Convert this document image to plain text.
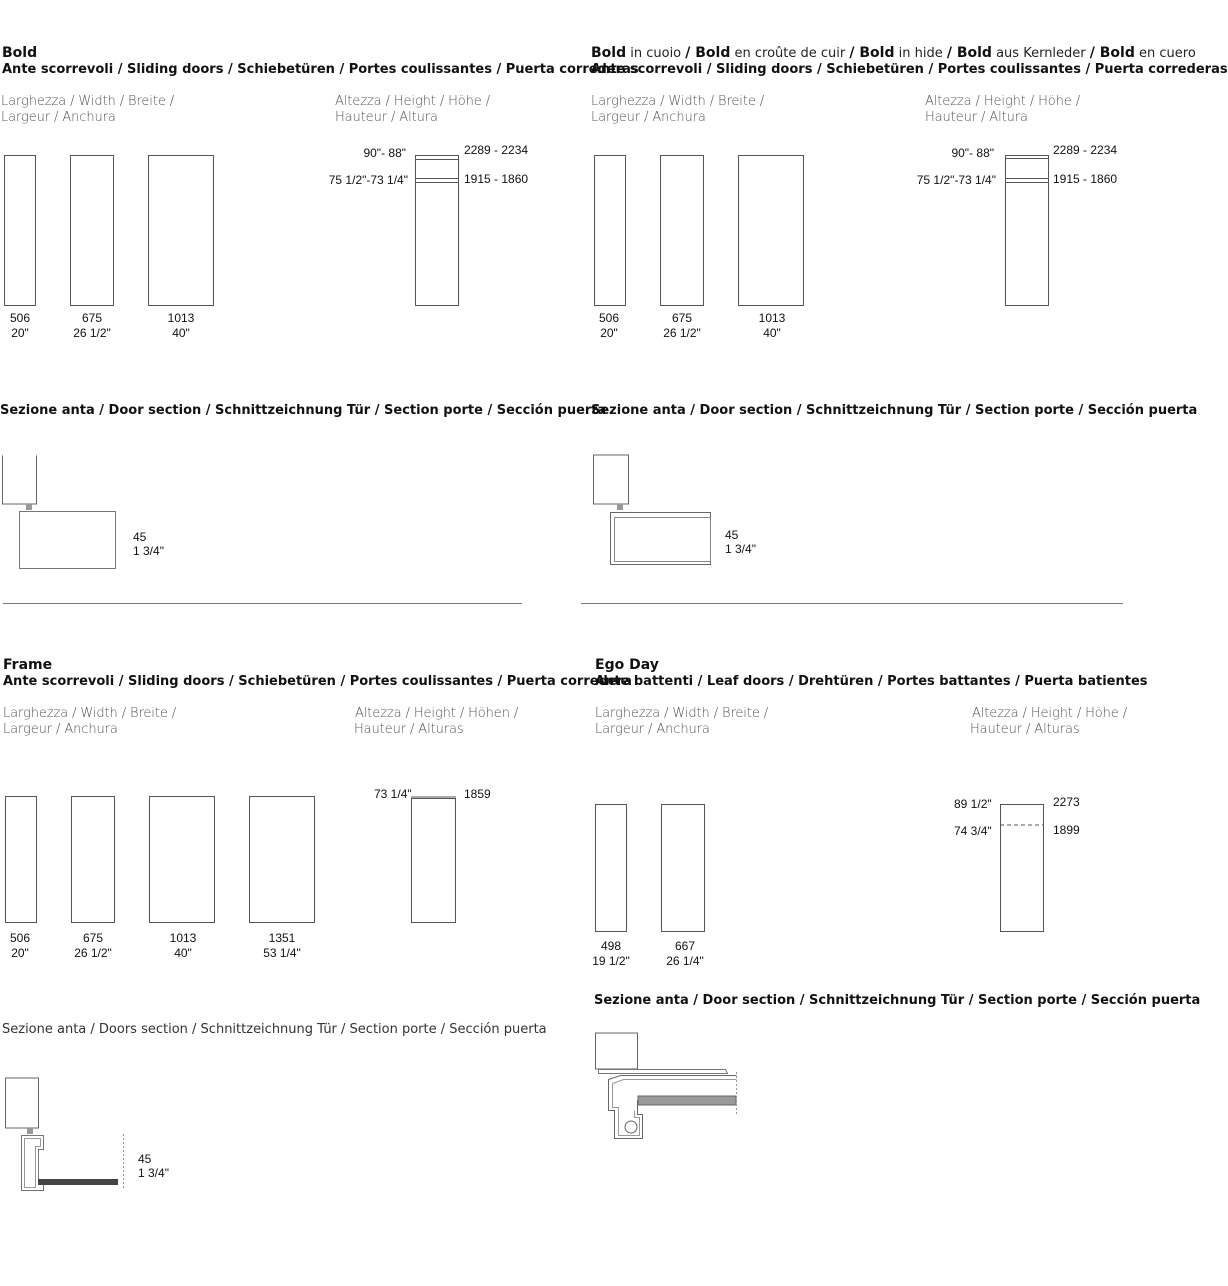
Bold
Ante scorrevoli / Sliding doors / Schiebetüren / Portes coulissantes / Puerta correderas
Larghezza / Width / Breite /
Largeur / Anchura
Altezza / Height / Höhe /
Hauteur / Altura
506
20"
675
26 1/2"
1013
40"
90"- 88"	2289 - 2234
75 1/2"-73 1/4"	1915 - 1860
Sezione anta / Door section / Schnittzeichnung Tür / Section porte / Sección puerta
45
1 3/4"
Bold in cuoio / Bold en croûte de cuir / Bold in hide / Bold aus Kernleder / Bold en cuero
Ante scorrevoli / Sliding doors / Schiebetüren / Portes coulissantes / Puerta correderas
Larghezza / Width / Breite /
Largeur / Anchura
Altezza / Height / Höhe /
Hauteur / Altura
506
20"
675
26 1/2"
1013
40"
90"- 88"	2289 - 2234
75 1/2"-73 1/4"	1915 - 1860
Sezione anta / Door section / Schnittzeichnung Tür / Section porte / Sección puerta
45
1 3/4"
Frame
Ante scorrevoli / Sliding doors / Schiebetüren / Portes coulissantes / Puerta corredera
Larghezza / Width / Breite /
Largeur / Anchura
Altezza / Height / Höhen /
Hauteur / Alturas
506
20"
675
26 1/2"
1013
40"
1351
53 1/4"
73 1/4"	1859
Sezione anta / Doors section / Schnittzeichnung Tür / Section porte / Sección puerta
45
1 3/4"
Ego Day
Ante battenti / Leaf doors / Drehtüren / Portes battantes / Puerta batientes
Larghezza / Width / Breite /
Largeur / Anchura
Altezza / Height / Höhe /
Hauteur / Alturas
498
19 1/2"
667
26 1/4"
89 1/2"	2273
74 3/4"	1899
Sezione anta / Door section / Schnittzeichnung Tür / Section porte / Sección puerta
